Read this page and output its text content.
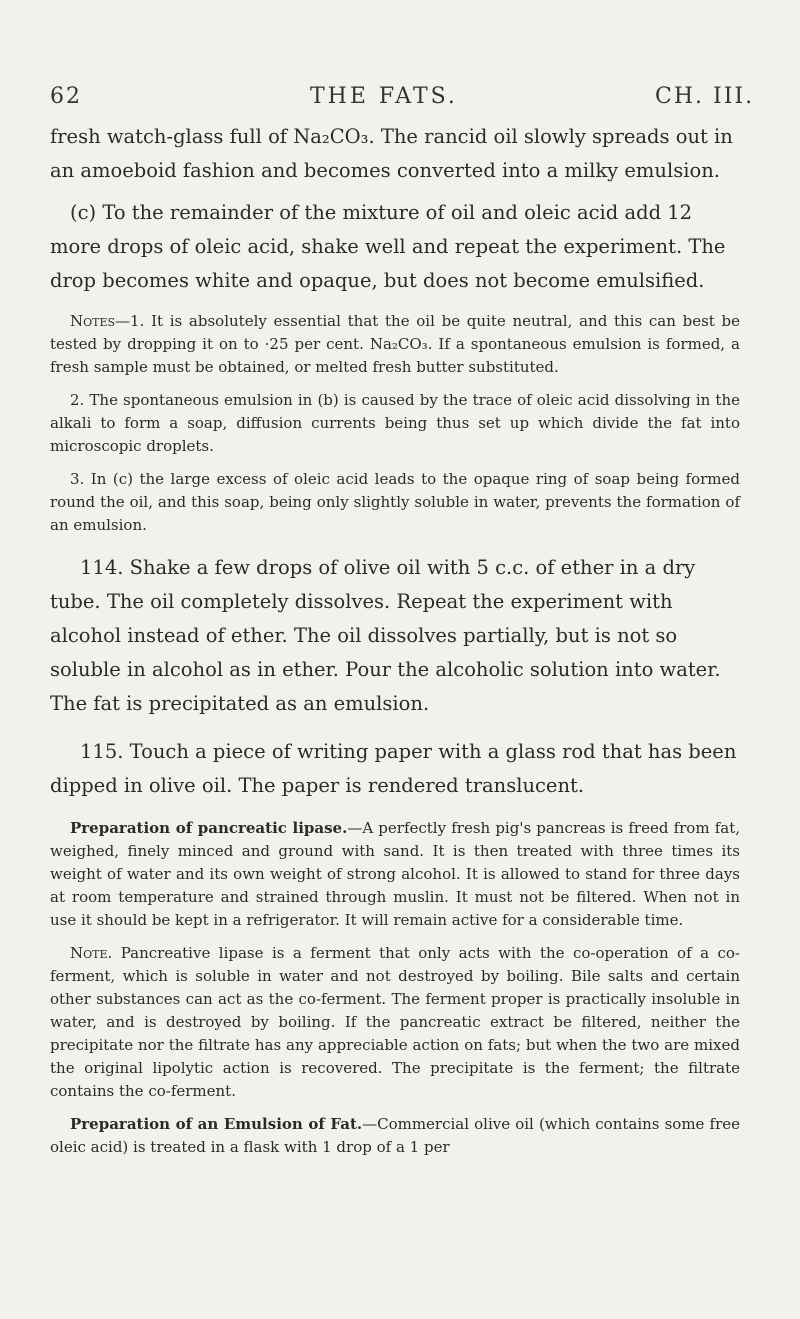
62	THE FATS.	CH. III.

fresh watch-glass full of Na₂CO₃. The rancid oil slowly spreads out in an amoeboid fashion and becomes converted into a milky emulsion.

(c) To the remainder of the mixture of oil and oleic acid add 12 more drops of oleic acid, shake well and repeat the experiment. The drop becomes white and opaque, but does not become emulsified.

Notes—1. It is absolutely essential that the oil be quite neutral, and this can best be tested by dropping it on to ·25 per cent. Na₂CO₃. If a spontaneous emulsion is formed, a fresh sample must be obtained, or melted fresh butter substituted.

2. The spontaneous emulsion in (b) is caused by the trace of oleic acid dissolving in the alkali to form a soap, diffusion currents being thus set up which divide the fat into microscopic droplets.

3. In (c) the large excess of oleic acid leads to the opaque ring of soap being formed round the oil, and this soap, being only slightly soluble in water, prevents the formation of an emulsion.

114. Shake a few drops of olive oil with 5 c.c. of ether in a dry tube. The oil completely dissolves. Repeat the experiment with alcohol instead of ether. The oil dissolves partially, but is not so soluble in alcohol as in ether. Pour the alcoholic solution into water. The fat is precipitated as an emulsion.

115. Touch a piece of writing paper with a glass rod that has been dipped in olive oil. The paper is rendered translucent.

Preparation of pancreatic lipase.—A perfectly fresh pig's pancreas is freed from fat, weighed, finely minced and ground with sand. It is then treated with three times its weight of water and its own weight of strong alcohol. It is allowed to stand for three days at room temperature and strained through muslin. It must not be filtered. When not in use it should be kept in a refrigerator. It will remain active for a considerable time.

Note. Pancreative lipase is a ferment that only acts with the co-operation of a co-ferment, which is soluble in water and not destroyed by boiling. Bile salts and certain other substances can act as the co-ferment. The ferment proper is practically insoluble in water, and is destroyed by boiling. If the pancreatic extract be filtered, neither the precipitate nor the filtrate has any appreciable action on fats; but when the two are mixed the original lipolytic action is recovered. The precipitate is the ferment; the filtrate contains the co-ferment.

Preparation of an Emulsion of Fat.—Commercial olive oil (which contains some free oleic acid) is treated in a flask with 1 drop of a 1 per
